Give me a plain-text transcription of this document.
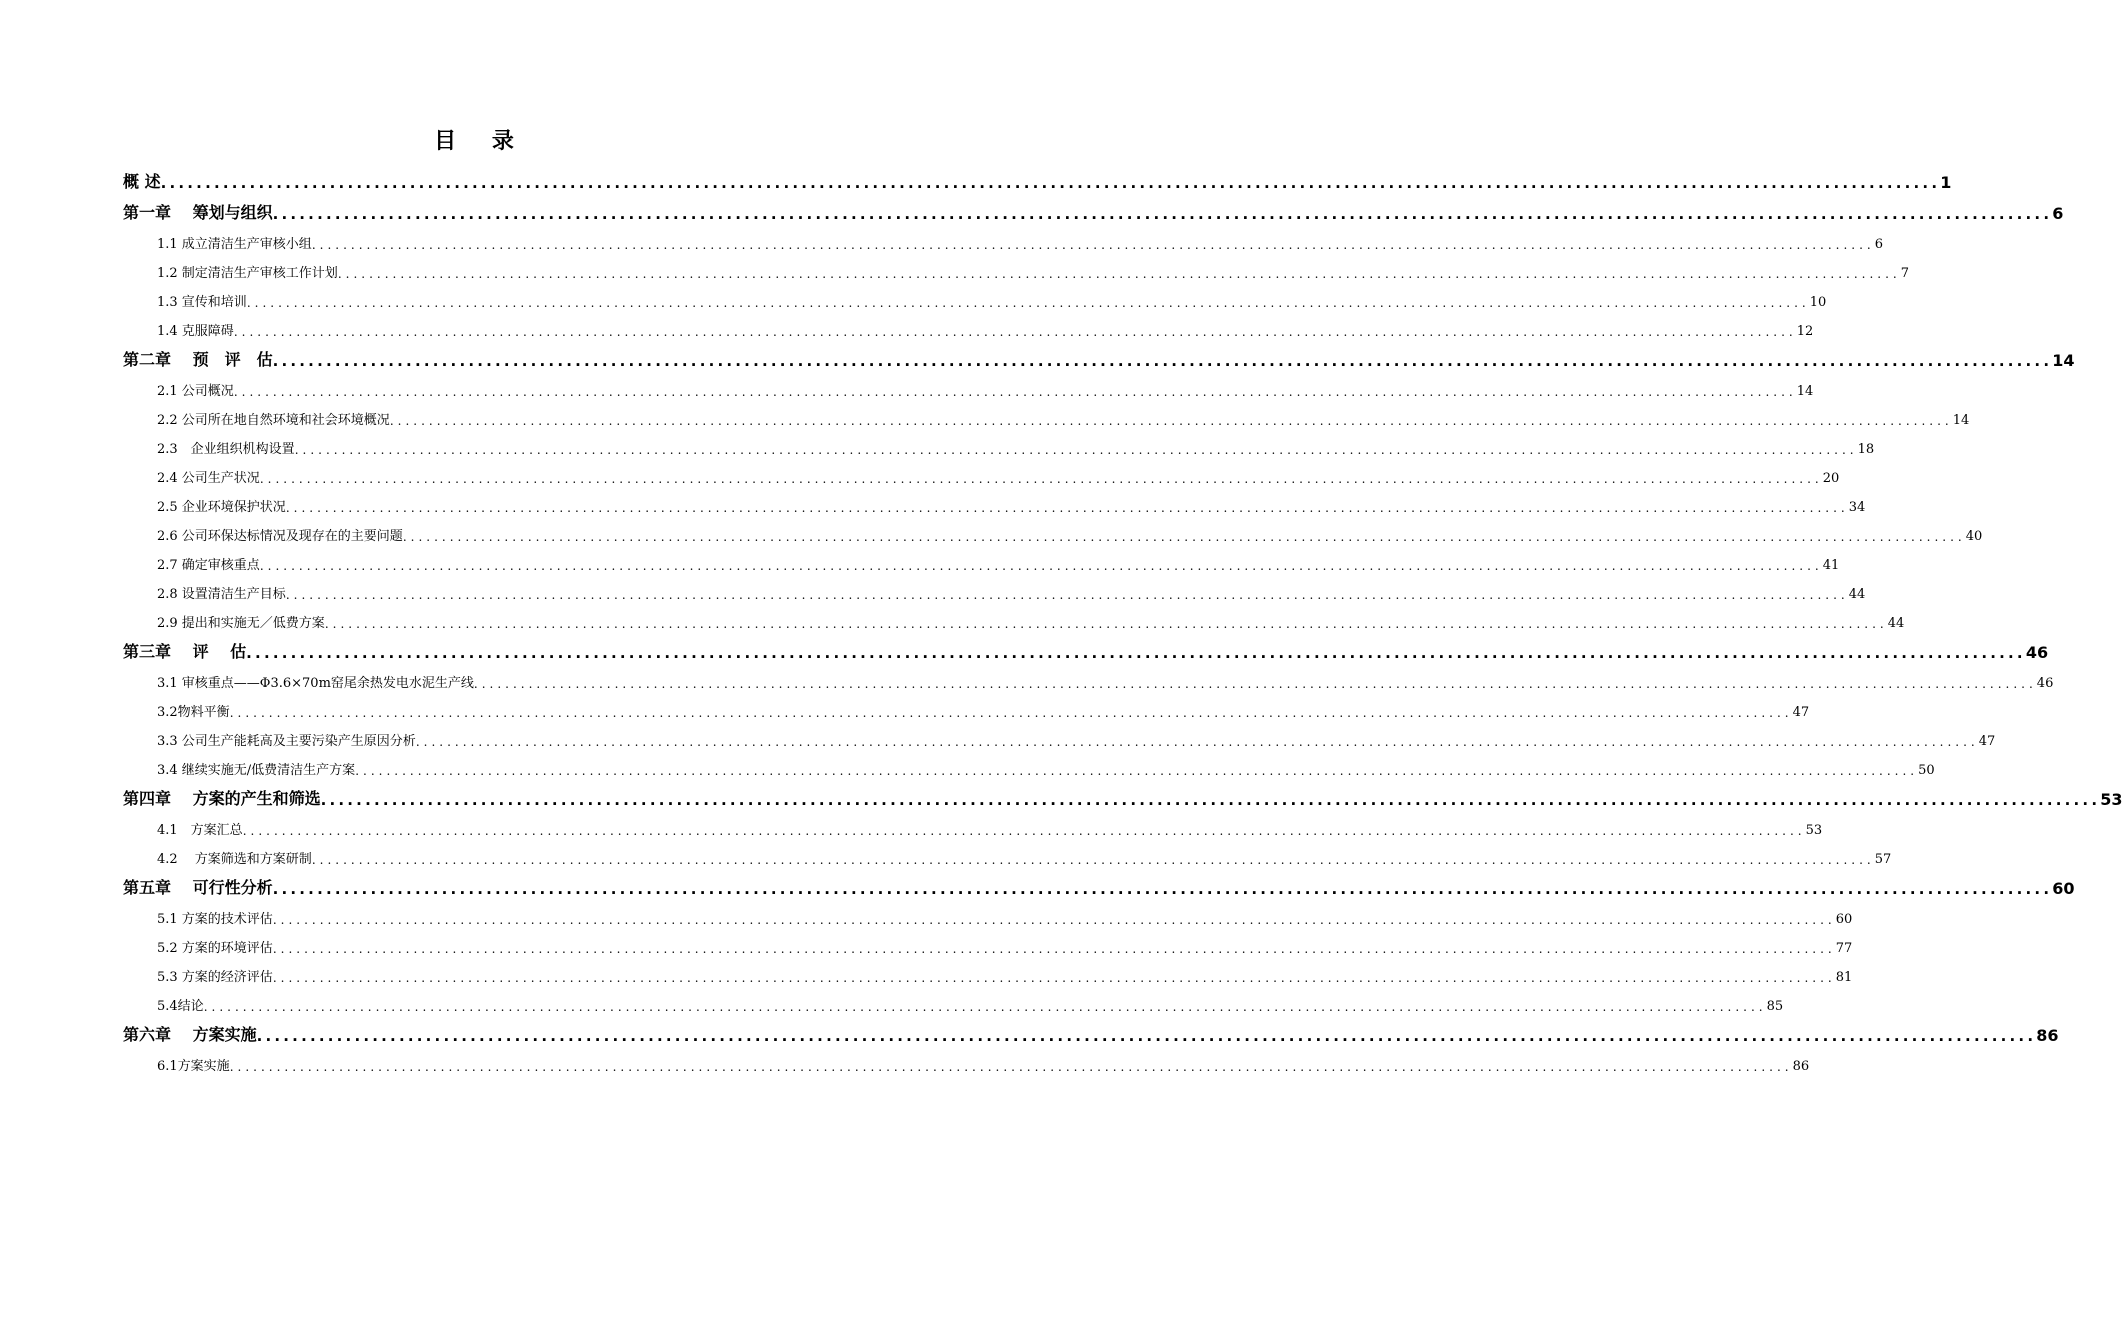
目 录
概 述 ........................................................................................................................................................................................................ 1
第一章　 筹划与组织 ........................................................................................................................................................................................................ 6
1.1 成立清洁生产审核小组 ........................................................................................................................................................................................................ 6
1.2 制定清洁生产审核工作计划 ........................................................................................................................................................................................................ 7
1.3 宣传和培训 ........................................................................................................................................................................................................ 10
1.4 克服障碍 ........................................................................................................................................................................................................ 12
第二章　 预　评　估 ........................................................................................................................................................................................................ 14
2.1 公司概况 ........................................................................................................................................................................................................ 14
2.2 公司所在地自然环境和社会环境概况 ........................................................................................................................................................................................................ 14
2.3　企业组织机构设置 ........................................................................................................................................................................................................ 18
2.4 公司生产状况 ........................................................................................................................................................................................................ 20
2.5 企业环境保护状况 ........................................................................................................................................................................................................ 34
2.6 公司环保达标情况及现存在的主要问题 ........................................................................................................................................................................................................ 40
2.7 确定审核重点 ........................................................................................................................................................................................................ 41
2.8 设置清洁生产目标 ........................................................................................................................................................................................................ 44
2.9 提出和实施无／低费方案 ........................................................................................................................................................................................................ 44
第三章　 评　 估 ........................................................................................................................................................................................................ 46
3.1 审核重点——Φ3.6×70m窑尾余热发电水泥生产线 ........................................................................................................................................................................................................ 46
3.2物料平衡 ........................................................................................................................................................................................................ 47
3.3 公司生产能耗高及主要污染产生原因分析 ........................................................................................................................................................................................................ 47
3.4 继续实施无/低费清洁生产方案 ........................................................................................................................................................................................................ 50
第四章　 方案的产生和筛选 ........................................................................................................................................................................................................ 53
4.1　方案汇总 ........................................................................................................................................................................................................ 53
4.2　 方案筛选和方案研制 ........................................................................................................................................................................................................ 57
第五章　 可行性分析 ........................................................................................................................................................................................................ 60
5.1 方案的技术评估 ........................................................................................................................................................................................................ 60
5.2 方案的环境评估 ........................................................................................................................................................................................................ 77
5.3 方案的经济评估 ........................................................................................................................................................................................................ 81
5.4结论 ........................................................................................................................................................................................................ 85
第六章　 方案实施 ........................................................................................................................................................................................................ 86
6.1方案实施 ........................................................................................................................................................................................................ 86
